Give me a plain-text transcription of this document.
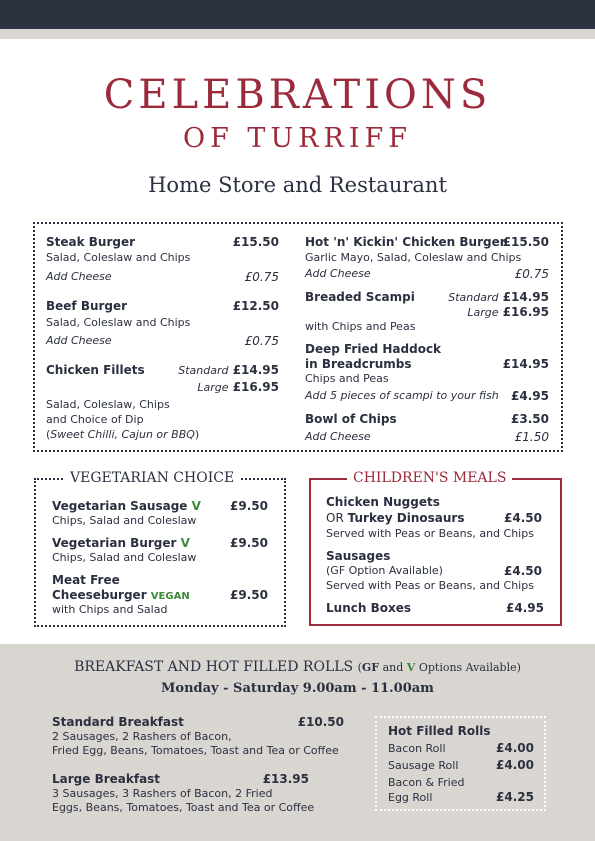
CELEBRATIONS
OF TURRIFF
Home Store and Restaurant
Steak Burger	£15.50
Salad, Coleslaw and Chips
Add Cheese	£0.75
Beef Burger	£12.50
Salad, Coleslaw and Chips
Add Cheese	£0.75
Chicken Fillets	Standard £14.95
Large £16.95
Salad, Coleslaw, Chips
and Choice of Dip
(Sweet Chilli, Cajun or BBQ)
Hot 'n' Kickin' Chicken Burger
£15.50
Garlic Mayo, Salad, Coleslaw and Chips
Add Cheese	£0.75
Breaded Scampi	Standard £14.95
Large £16.95
with Chips and Peas
Deep Fried Haddock
in Breadcrumbs	£14.95
Chips and Peas
Add 5 pieces of scampi to your fish	£4.95
Bowl of Chips	£3.50
Add Cheese	£1.50
VEGETARIAN CHOICE
Vegetarian Sausage V	£9.50
Chips, Salad and Coleslaw
Vegetarian Burger V	£9.50
Chips, Salad and Coleslaw
Meat Free
Cheeseburger VEGAN	£9.50
with Chips and Salad
CHILDREN'S MEALS
Chicken Nuggets
OR Turkey Dinosaurs	£4.50
Served with Peas or Beans, and Chips
Sausages
(GF Option Available)	£4.50
Served with Peas or Beans, and Chips
Lunch Boxes	£4.95
BREAKFAST AND HOT FILLED ROLLS (GF and V Options Available)
Monday - Saturday 9.00am - 11.00am
Standard Breakfast	£10.50
2 Sausages, 2 Rashers of Bacon,
Fried Egg, Beans, Tomatoes, Toast and Tea or Coffee
Large Breakfast	£13.95
3 Sausages, 3 Rashers of Bacon, 2 Fried
Eggs, Beans, Tomatoes, Toast and Tea or Coffee
Hot Filled Rolls
Bacon Roll	£4.00
Sausage Roll	£4.00
Bacon & Fried
Egg Roll	£4.25
